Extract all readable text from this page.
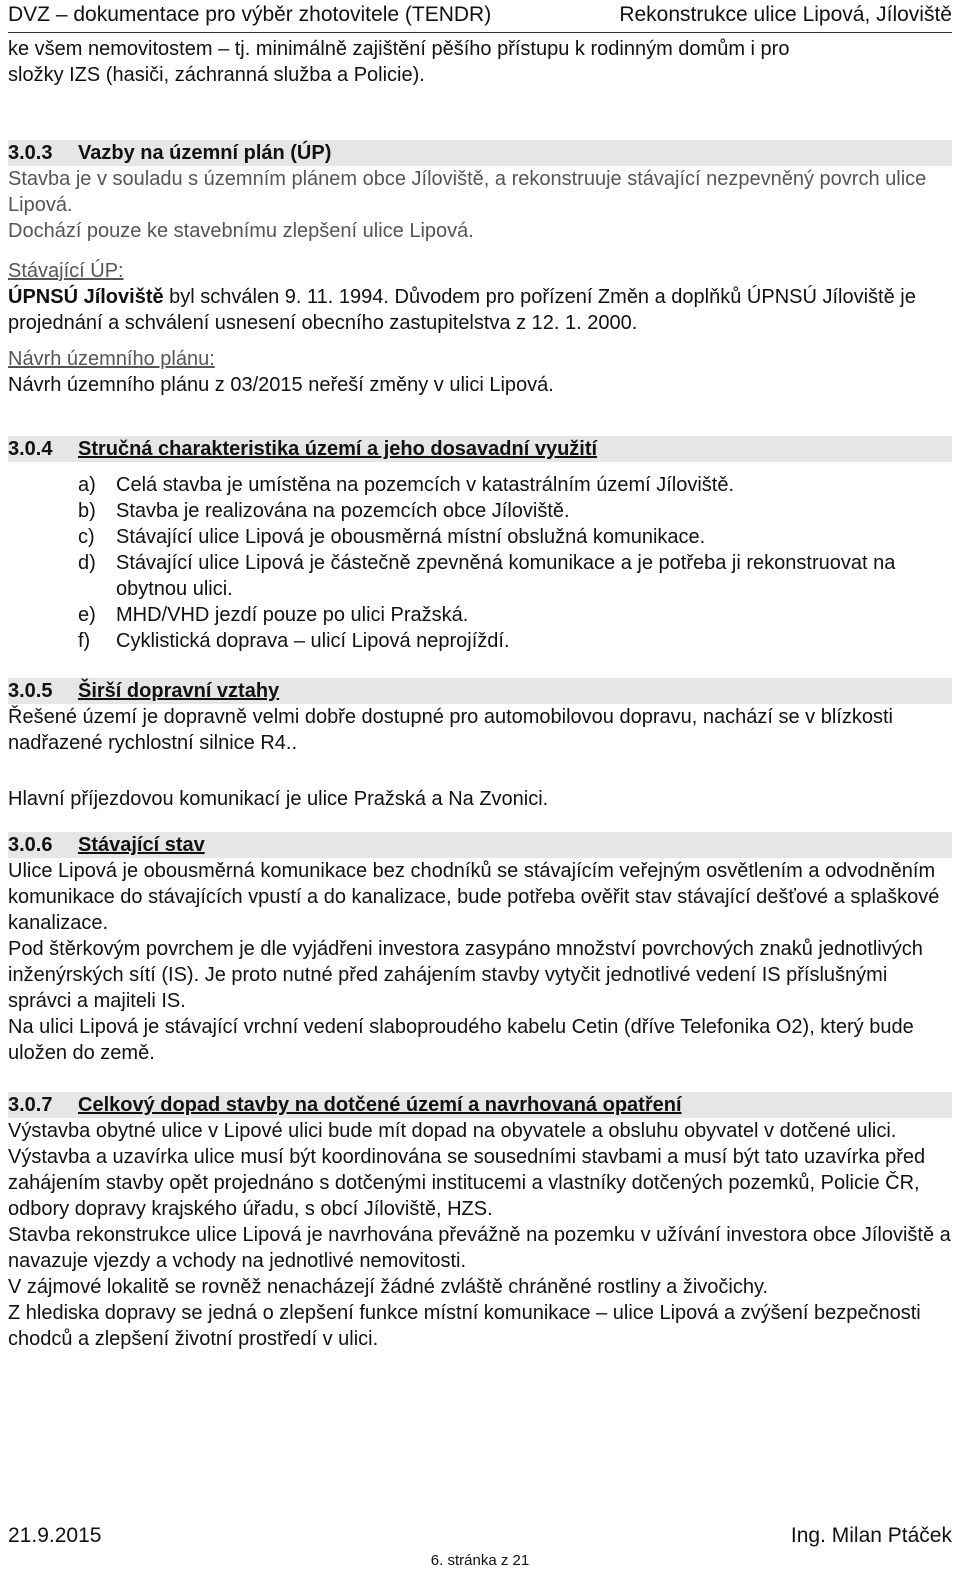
DVZ – dokumentace pro výběr zhotovitele (TENDR)	Rekonstrukce ulice Lipová, Jíloviště

ke všem nemovitostem – tj. minimálně zajištění pěšího přístupu k rodinným domům i pro

složky IZS (hasiči, záchranná služba a Policie).

3.0.3	Vazby na územní plán (ÚP)

Stavba je v souladu s územním plánem obce Jíloviště, a rekonstruuje stávající nezpevněný povrch ulice Lipová.

Dochází pouze ke stavebnímu zlepšení ulice Lipová.

Stávající ÚP:

ÚPNSÚ Jíloviště byl schválen 9. 11. 1994. Důvodem pro pořízení Změn a doplňků ÚPNSÚ Jíloviště je projednání a schválení usnesení obecního zastupitelstva z 12. 1. 2000.

Návrh územního plánu:

Návrh územního plánu z 03/2015 neřeší změny v ulici Lipová.

3.0.4	Stručná charakteristika území a jeho dosavadní využití
a)	Celá stavba je umístěna na pozemcích v katastrálním území Jíloviště.
b)	Stavba je realizována na pozemcích obce Jíloviště.
c)	Stávající ulice Lipová je obousměrná místní obslužná komunikace.
d)	Stávající ulice Lipová je částečně zpevněná komunikace a je potřeba ji rekonstruovat na obytnou ulici.
e)	MHD/VHD jezdí pouze po ulici Pražská.
f)	Cyklistická doprava – ulicí Lipová neprojíždí.
3.0.5	Širší dopravní vztahy

Řešené území je dopravně velmi dobře dostupné pro automobilovou dopravu, nachází se v blízkosti nadřazené rychlostní silnice R4..

Hlavní příjezdovou komunikací je ulice Pražská a Na Zvonici.

3.0.6	Stávající stav

Ulice Lipová je obousměrná komunikace bez chodníků se stávajícím veřejným osvětlením a odvodněním komunikace do stávajících vpustí a do kanalizace, bude potřeba ověřit stav stávající dešťové a splaškové kanalizace.

Pod štěrkovým povrchem je dle vyjádřeni investora zasypáno množství povrchových znaků jednotlivých inženýrských sítí (IS). Je proto nutné před zahájením stavby vytyčit jednotlivé vedení IS příslušnými správci a majiteli IS.

Na ulici Lipová je stávající vrchní vedení slaboproudého kabelu Cetin (dříve Telefonika O2), který bude uložen do země.

3.0.7	Celkový dopad stavby na dotčené území a navrhovaná opatření

Výstavba obytné ulice v Lipové ulici bude mít dopad na obyvatele a obsluhu obyvatel v dotčené ulici.

Výstavba a uzavírka ulice musí být koordinována se sousedními stavbami a musí být tato uzavírka před zahájením stavby opět projednáno s dotčenými institucemi a vlastníky dotčených pozemků, Policie ČR, odbory dopravy krajského úřadu, s obcí Jíloviště, HZS.

Stavba rekonstrukce ulice Lipová je navrhována převážně na pozemku v užívání investora obce Jíloviště a navazuje vjezdy a vchody na jednotlivé nemovitosti.

V zájmové lokalitě se rovněž nenacházejí žádné zvláště chráněné rostliny a živočichy.

Z hlediska dopravy se jedná o zlepšení funkce místní komunikace – ulice Lipová a zvýšení bezpečnosti chodců a zlepšení životní prostředí v ulici.

21.9.2015	Ing. Milan Ptáček
6. stránka z 21
